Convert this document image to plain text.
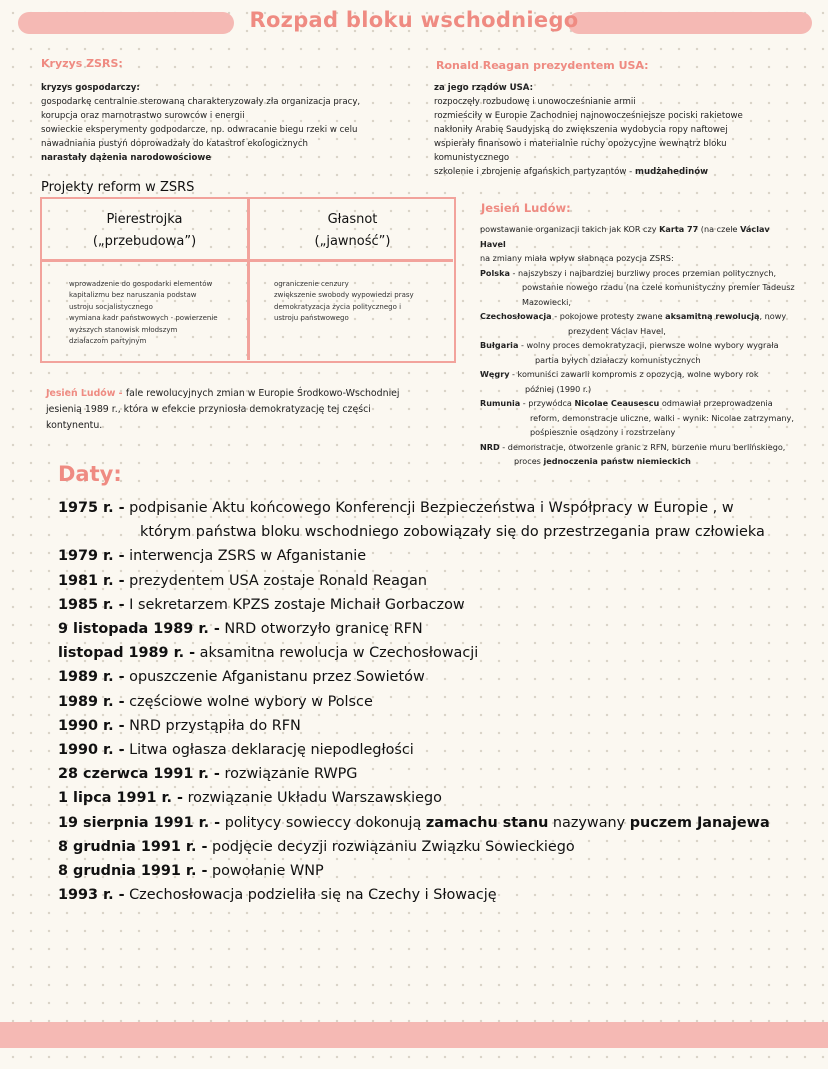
Rozpad bloku wschodniego
Kryzys ZSRS:
kryzys gospodarczy:
gospodarkę centralnie sterowaną charakteryzowały zła organizacja pracy,
korupcja oraz marnotrastwo surowców i energii
sowieckie eksperymenty godpodarcze, np. odwracanie biegu rzeki w celu
nawadniania pustyń doprowadzały do katastrof ekologicznych
narastały dążenia narodowościowe
Ronald Reagan prezydentem USA:
za jego rządów USA:
rozpoczęły rozbudowę i unowocześnianie armii
rozmieściły w Europie Zachodniej najnowocześniejsze pociski rakietowe
nakłoniły Arabię Saudyjską do zwiększenia wydobycia ropy naftowej
wspierały finansowo i materialnie ruchy opozycyjne wewnątrz bloku
komunistycznego
szkolenie i zbrojenie afgańskich partyzantów - mudżahedinów
Projekty reform w ZSRS
Pierestrojka
(„przebudowa”)
Głasnot
(„jawność”)
wprowadzenie do gospodarki elementów
kapitalizmu bez naruszania podstaw
ustroju socjalistycznego
wymiana kadr państwowych - powierzenie
wyższych stanowisk młodszym
działaczom partyjnym
ograniczenie cenzury
zwiększenie swobody wypowiedzi prasy
demokratyzacja życia politycznego i
ustroju państwowego
Jesień Ludów - fale rewolucyjnych zmian w Europie Środkowo-Wschodniej
jesienią 1989 r., która w efekcie przyniosła demokratyzację tej części
kontynentu.
Jesień Ludów:
powstawanie organizacji takich jak KOR czy Karta 77 (na czele Václav
Havel
na zmiany miała wpływ słabnąca pozycja ZSRS:
Polska - najszybszy i najbardziej burzliwy proces przemian politycznych,
powstanie nowego rzadu (na czele komunistyczny premier Tadeusz
Mazowiecki,
Czechosłowacja - pokojowe protesty zwane aksamitną rewolucją, nowy
prezydent Václav Havel,
Bułgaria - wolny proces demokratyzacji, pierwsze wolne wybory wygrała
partia byłych działaczy komunistycznych
Węgry - komuniści zawarli kompromis z opozycją, wolne wybory rok
później (1990 r.)
Rumunia - przywódca Nicolae Ceausescu odmawiał przeprowadzenia
reform, demonstracje uliczne, walki - wynik: Nicolae zatrzymany,
pośpiesznie osądzony i rozstrzelany
NRD - demonstracje, otworzenie granic z RFN, burzenie muru berlińskiego,
proces jednoczenia państw niemieckich
Daty:
1975 r. - podpisanie Aktu końcowego Konferencji Bezpieczeństwa i Współpracy w Europie , w
którym państwa bloku wschodniego zobowiązały się do przestrzegania praw człowieka
1979 r. - interwencja ZSRS w Afganistanie
1981 r. - prezydentem USA zostaje Ronald Reagan
1985 r. - I sekretarzem KPZS zostaje Michaił Gorbaczow
9 listopada 1989 r. - NRD otworzyło granicę RFN
listopad 1989 r. - aksamitna rewolucja w Czechosłowacji
1989 r. - opuszczenie Afganistanu przez Sowietów
1989 r. - częściowe wolne wybory w Polsce
1990 r. - NRD przystąpiła do RFN
1990 r. - Litwa ogłasza deklarację niepodległości
28 czerwca 1991 r. - rozwiązanie RWPG
1 lipca 1991 r. - rozwiązanie Układu Warszawskiego
19 sierpnia 1991 r. - politycy sowieccy dokonują zamachu stanu nazywany puczem Janajewa
8 grudnia 1991 r. - podjęcie decyzji rozwiązaniu Związku Sowieckiego
8 grudnia 1991 r. - powołanie WNP
1993 r. - Czechosłowacja podzieliła się na Czechy i Słowację
